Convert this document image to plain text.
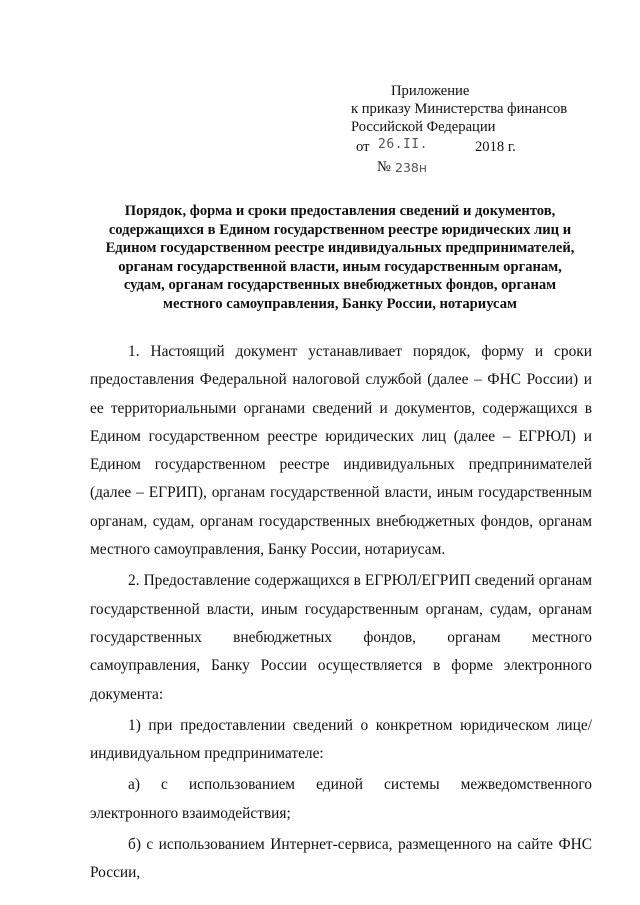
Приложение
к приказу Министерства финансов
Российской Федерации
от 26.II.	2018 г.
№ 238н
Порядок, форма и сроки предоставления сведений и документов, содержащихся в Едином государственном реестре юридических лиц и Едином государственном реестре индивидуальных предпринимателей, органам государственной власти, иным государственным органам, судам, органам государственных внебюджетных фондов, органам местного самоуправления, Банку России, нотариусам

1. Настоящий документ устанавливает порядок, форму и сроки предоставления Федеральной налоговой службой (далее – ФНС России) и ее территориальными органами сведений и документов, содержащихся в Едином государственном реестре юридических лиц (далее – ЕГРЮЛ) и Едином государственном реестре индивидуальных предпринимателей (далее – ЕГРИП), органам государственной власти, иным государственным органам, судам, органам государственных внебюджетных фондов, органам местного самоуправления, Банку России, нотариусам.

2. Предоставление содержащихся в ЕГРЮЛ/ЕГРИП сведений органам государственной власти, иным государственным органам, судам, органам государственных внебюджетных фондов, органам местного самоуправления, Банку России осуществляется в форме электронного документа:

1) при предоставлении сведений о конкретном юридическом лице/индивидуальном предпринимателе:

а) с использованием единой системы межведомственного электронного взаимодействия;

б) с использованием Интернет-сервиса, размещенного на сайте ФНС России,
